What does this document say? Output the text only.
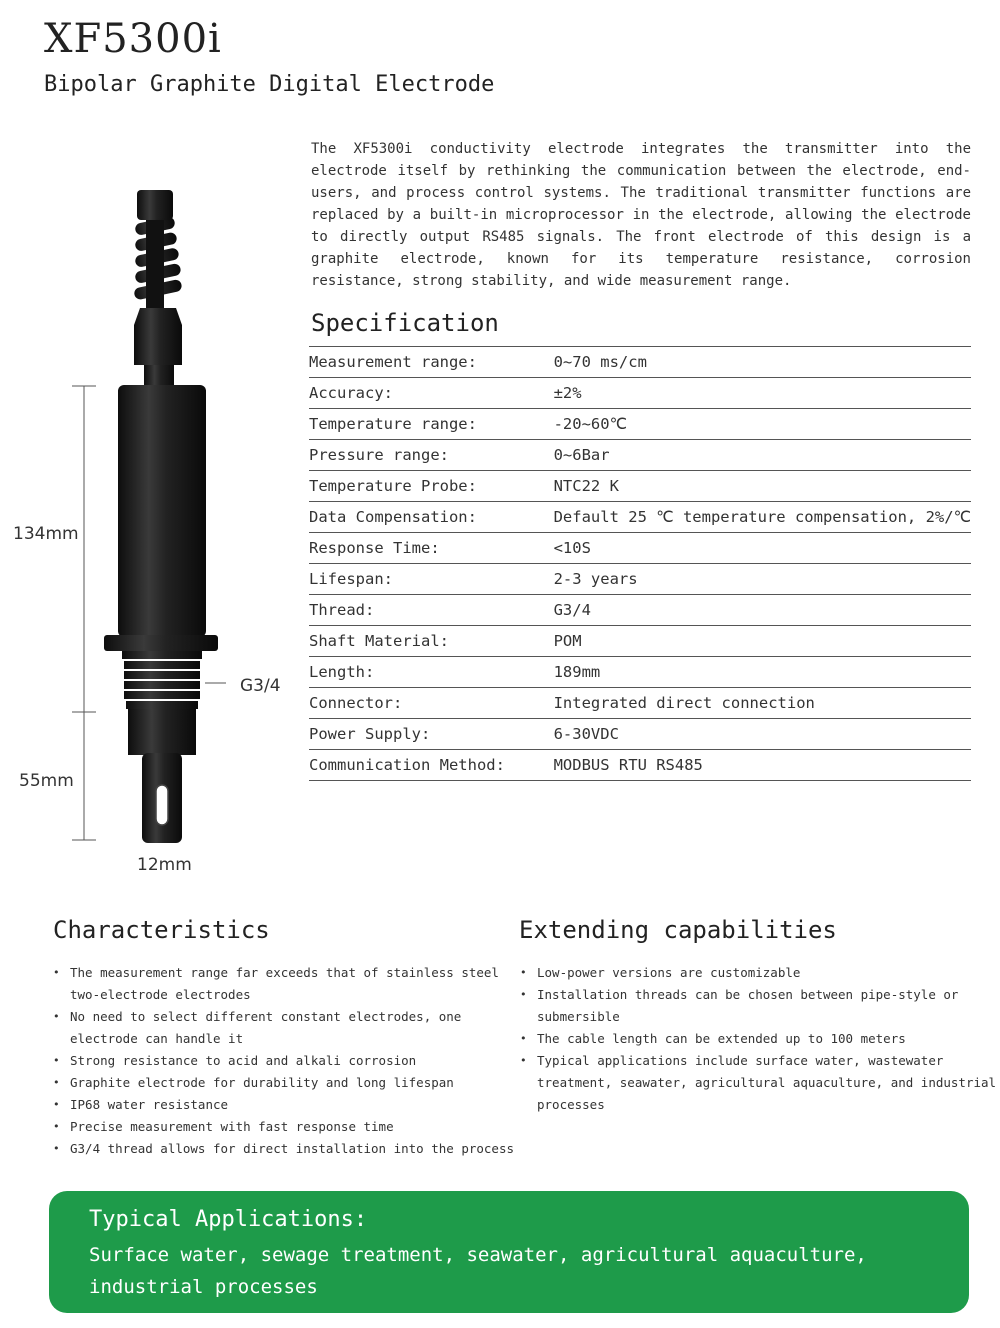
XF5300i
Bipolar Graphite Digital Electrode

The XF5300i conductivity electrode integrates the transmitter into the electrode itself by rethinking the communication between the electrode, end-users, and process control systems. The traditional transmitter functions are replaced by a built-in microprocessor in the electrode, allowing the electrode to directly output RS485 signals. The front electrode of this design is a graphite electrode, known for its temperature resistance, corrosion resistance, strong stability, and wide measurement range.

134mm
G3/4
55mm
12mm
Specification
Measurement range:	0~70 ms/cm
Accuracy:	±2%
Temperature range:	-20~60℃
Pressure range:	0~6Bar
Temperature Probe:	NTC22 K
Data Compensation:	Default 25 ℃ temperature compensation, 2%/℃
Response Time:	<10S
Lifespan:	2-3 years
Thread:	G3/4
Shaft Material:	POM
Length:	189mm
Connector:	Integrated direct connection
Power Supply:	6-30VDC
Communication Method:	MODBUS RTU RS485
Characteristics
• The measurement range far exceeds that of stainless steel two-electrode electrodes
• No need to select different constant electrodes, one electrode can handle it
• Strong resistance to acid and alkali corrosion
• Graphite electrode for durability and long lifespan
• IP68 water resistance
• Precise measurement with fast response time
• G3/4 thread allows for direct installation into the process
Extending capabilities
• Low-power versions are customizable
• Installation threads can be chosen between pipe-style or submersible
• The cable length can be extended up to 100 meters
• Typical applications include surface water, wastewater treatment, seawater, agricultural aquaculture, and industrial processes
Typical Applications:
Surface water, sewage treatment, seawater, agricultural aquaculture, industrial processes
